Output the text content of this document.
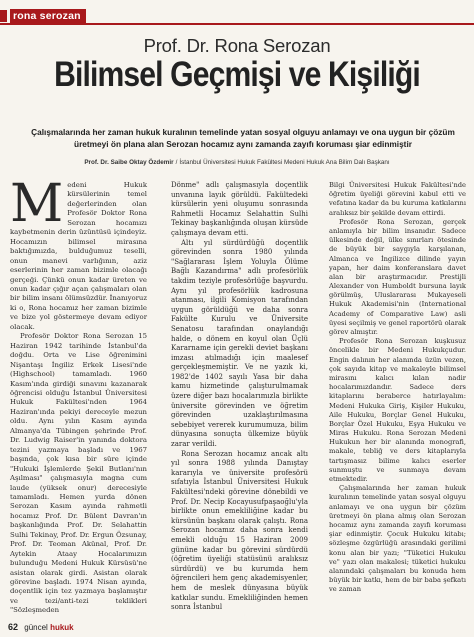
rona serozan
Prof. Dr. Rona Serozan
Bilimsel Geçmişi ve Kişiliği
Çalışmalarında her zaman hukuk kuralının temelinde yatan sosyal olguyu anlamayı ve ona uygun bir çözüm üretmeyi ön plana alan Serozan hocamız aynı zamanda zayıfı koruması şiar edinmiştir
Prof. Dr. Saibe Oktay Özdemir / İstanbul Üniversitesi Hukuk Fakültesi Medeni Hukuk Ana Bilim Dalı Başkanı

Medeni Hukuk kürsülerinin temel değerlerinden olan Profesör Doktor Rona Serozan hocamızı kaybetmenin derin üzüntüsü içindeyiz. Hocamızın bilimsel mirasına baktığımızda, bulduğumuz teselli, onun manevi varlığının, aziz eserlerinin her zaman bizimle olacağı gerçeği. Çünkü onun kadar üreten ve onun kadar çığır açan çalışmaları olan bir bilim insanı ölümsüzdür. İnanıyoruz ki o, Rona hocamız her zaman bizimle ve bize yol göstermeye devam ediyor olacak.

Profesör Doktor Rona Serozan 15 Haziran 1942 tarihinde İstanbul'da doğdu. Orta ve Lise öğrenimini Nişantaşı İngiliz Erkek Lisesi'nde (Highschool) tamamladı. 1960 Kasım'ında girdiği sınavını kazanarak öğrencisi olduğu İstanbul Üniversitesi Hukuk Fakültesi'nden 1964 Haziran'ında pekiyi dereceyle mezun oldu. Aynı yılın Kasım ayında Almanya'da Tübingen şehrinde Prof. Dr. Ludwig Raiser'in yanında doktora tezini yazmaya başladı ve 1967 başında, çok kısa bir süre içinde "Hukuki İşlemlerde Şekil Butlanı'nın Aşılması" çalışmasıyla magna cum laude (yüksek onur) derecesiyle tamamladı. Hemen yurda dönen Serozan Kasım ayında rahmetli hocamız Prof. Dr. Bülent Davran'ın başkanlığında Prof. Dr. Selahattin Sulhi Tekinay, Prof. Dr. Ergun Özsunay, Prof. Dr. Teoman Akünal, Prof. Dr. Aytekin Ataay Hocalarımızın bulunduğu Medeni Hukuk Kürsüsü'ne asistan olarak girdi. Asistan olarak görevine başladı. 1974 Nisan ayında, doçentlik için tez yazmaya başlamıştır ve tezi/anti-tezi teklikleri "Sözleşmeden

Dönme" adlı çalışmasıyla doçentlik unvanına layık görüldü. Fakültedeki kürsülerin yeni oluşumu sonrasında Rahmetli Hocamız Selahattin Sulhi Tekinay başkanlığında oluşan kürsüde çalışmaya devam etti.

Altı yıl sürdürdüğü doçentlik görevinden sonra 1980 yılında "Sağlararası İşlem Yoluyla Ölüme Bağlı Kazandırma" adlı profesörlük takdim teziyle profesörlüğe başvurdu. Aynı yıl profesörlük kadrosuna atanması, ilgili Komisyon tarafından uygun görüldüğü ve daha sonra Fakülte Kurulu ve Üniversite Senatosu tarafından onaylandığı halde, o dönem en koyul olan Üçlü Kararname için gerekli deviet başkanı imzası atılmadığı için maalesef gerçekleşmemiştir. Ve ne yazık ki, 1982'de 1402 sayılı Yasa bir daha kamu hizmetinde çalışturulmamak üzere diğer bazı hocalarımızla birlikte üniversite görevinden ve öğretim görevinden uzaklaştırılmasına sebebiyet vererek kurumumuza, bilim dünyasına sonuçta ülkemize büyük zarar verildi.

Rona Serozan hocamız ancak altı yıl sonra 1988 yılında Danıştay kararıyla ve üniversite profesörü sıfatıyla İstanbul Üniversitesi Hukuk Fakültesi'ndeki görevine dönebildi ve Prof. Dr. Necip Kocayusufpaşaoğlu'yla birlikte onun emekliliğine kadar bu kürsünün başkanı olarak çalıştı. Rona Serozan hocamız daha sonra kendi emekli olduğu 15 Haziran 2009 gününe kadar bu görevini sürdürdü (öğretim üyeliği statüsünü aralıksız sürdürdü) ve bu kurumda hem öğrencileri hem genç akademisyenler, hem de meslek dünyasına büyük katkılar sundu. Emekliliğinden hemen sonra İstanbul

Bilgi Üniversitesi Hukuk Fakültesi'nde öğretim üyeliği görevini kabul etti ve vefatına kadar da bu kuruma katkılarını aralıksız bir şekilde devam ettirdi.

Profesör Rona Serozan, gerçek anlamıyla bir bilim insanıdır. Sadece ülkesinde değil, ülke sınırları ötesinde de büyük bir saygıyla karşılanan, Almanca ve İngilizce dilinde yayın yapan, her daim konferanslara davet alan bir araştırmacıdır. Prestijli Alexander von Humboldt bursuna layık görülmüş, Uluslararası Mukayeseli Hukuk Akademisi'nin (International Academy of Comparative Law) asli üyesi seçilmiş ve genel raportörü olarak görev almıştır.

Profesör Rona Serozan kuşkusuz öncelikle bir Medeni Hukukçudur. Engin dalının her alanında üzün vezen, çok sayıda kitap ve makaleyle bilimsel mirasını kalıcı kılan nadir hocalarımızdandır. Sadece ders kitaplarını beraberce hatırlayalım: Medeni Hukuka Giriş, Kişiler Hukuku, Aile Hukuku, Borçlar Genel Hukuku, Borçlar Özel Hukuku, Eşya Hukuku ve Miras Hukuku. Rona Serozan Medeni Hukukun her bir alanında monografi, makale, tebliğ ve ders kitaplarıyla tartışmasız bilime kalıcı eserler sunmuştu ve sunmaya devam etmektedir.

Çalışmalarında her zaman hukuk kuralının temelinde yatan sosyal olguyu anlamayı ve ona uygun bir çözüm üretmeyi ön plana almış olan Serozan hocamız aynı zamanda zayıfı koruması şiar edinmiştir. Çocuk Hukuku kitabı; sözleşme özgürlüğü arasındaki gerilimi konu alan bir yazı; "Tüketici Hukuku ve" yazı olan makalesi; tüketici hukuku alanındaki çalışmaları bu konuda hem büyük bir katkı, hem de bir baba şefkatı ve zaman

62 güncel hukuk
